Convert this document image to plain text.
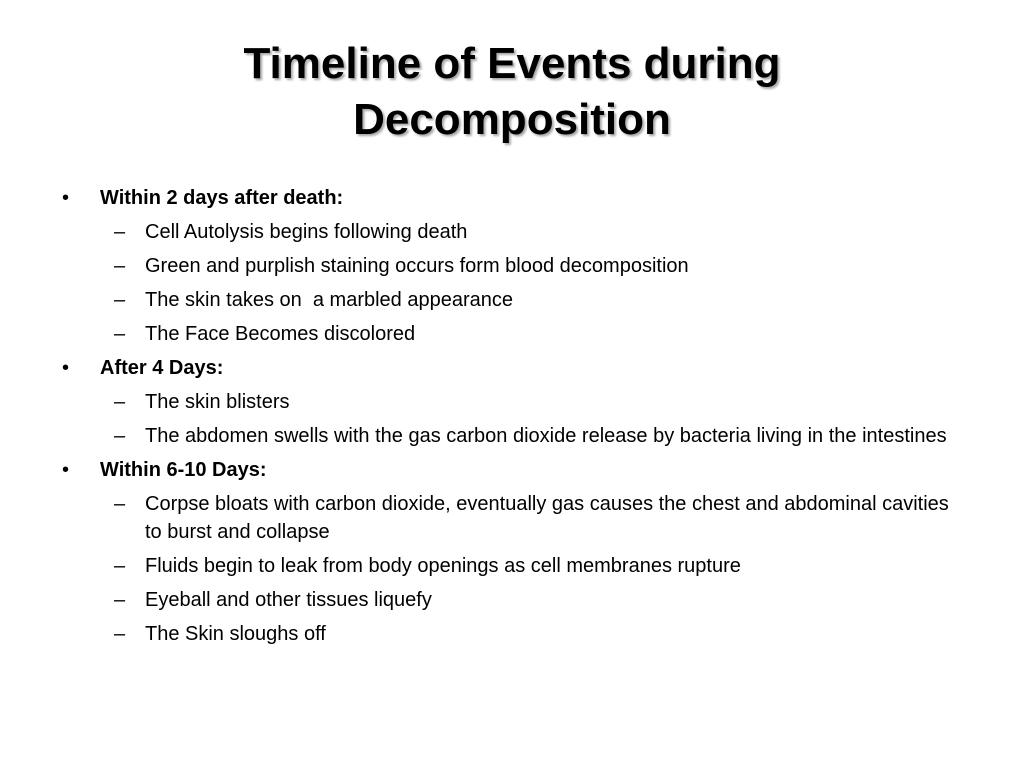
Timeline of Events during
Decomposition
• Within 2 days after death:
– Cell Autolysis begins following death
– Green and purplish staining occurs form blood decomposition
– The skin takes on  a marbled appearance
– The Face Becomes discolored
• After 4 Days:
– The skin blisters
– The abdomen swells with the gas carbon dioxide release by bacteria living in the intestines
• Within 6-10 Days:
– Corpse bloats with carbon dioxide, eventually gas causes the chest and abdominal cavities to burst and collapse
– Fluids begin to leak from body openings as cell membranes rupture
– Eyeball and other tissues liquefy
– The Skin sloughs off
